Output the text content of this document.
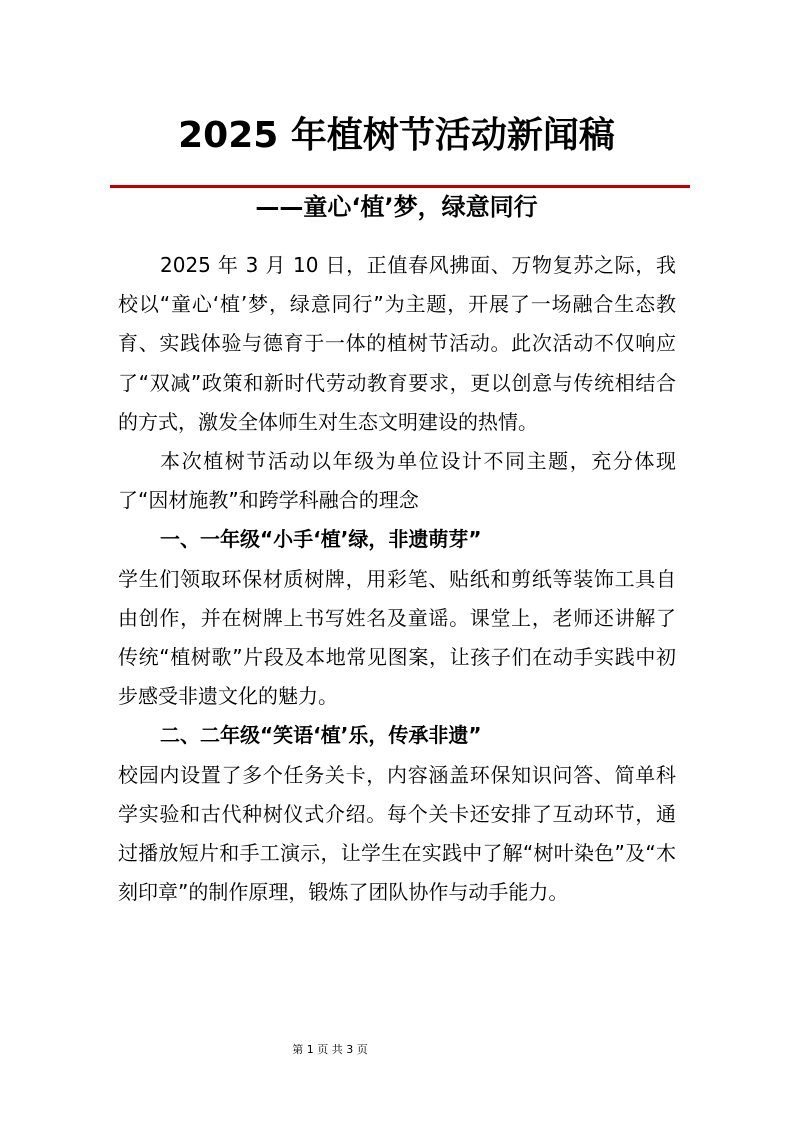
2025 年植树节活动新闻稿
——童心‘植’梦，绿意同行

2025 年 3 月 10 日，正值春风拂面、万物复苏之际，我校以“童心‘植’梦，绿意同行”为主题，开展了一场融合生态教育、实践体验与德育于一体的植树节活动。此次活动不仅响应了“双减”政策和新时代劳动教育要求，更以创意与传统相结合的方式，激发全体师生对生态文明建设的热情。

本次植树节活动以年级为单位设计不同主题，充分体现了“因材施教”和跨学科融合的理念

一、一年级“小手‘植’绿，非遗萌芽”

学生们领取环保材质树牌，用彩笔、贴纸和剪纸等装饰工具自由创作，并在树牌上书写姓名及童谣。课堂上，老师还讲解了传统“植树歌”片段及本地常见图案，让孩子们在动手实践中初步感受非遗文化的魅力。

二、二年级“笑语‘植’乐，传承非遗”

校园内设置了多个任务关卡，内容涵盖环保知识问答、简单科学实验和古代种树仪式介绍。每个关卡还安排了互动环节，通过播放短片和手工演示，让学生在实践中了解“树叶染色”及“木刻印章”的制作原理，锻炼了团队协作与动手能力。

第 1 页 共 3 页
